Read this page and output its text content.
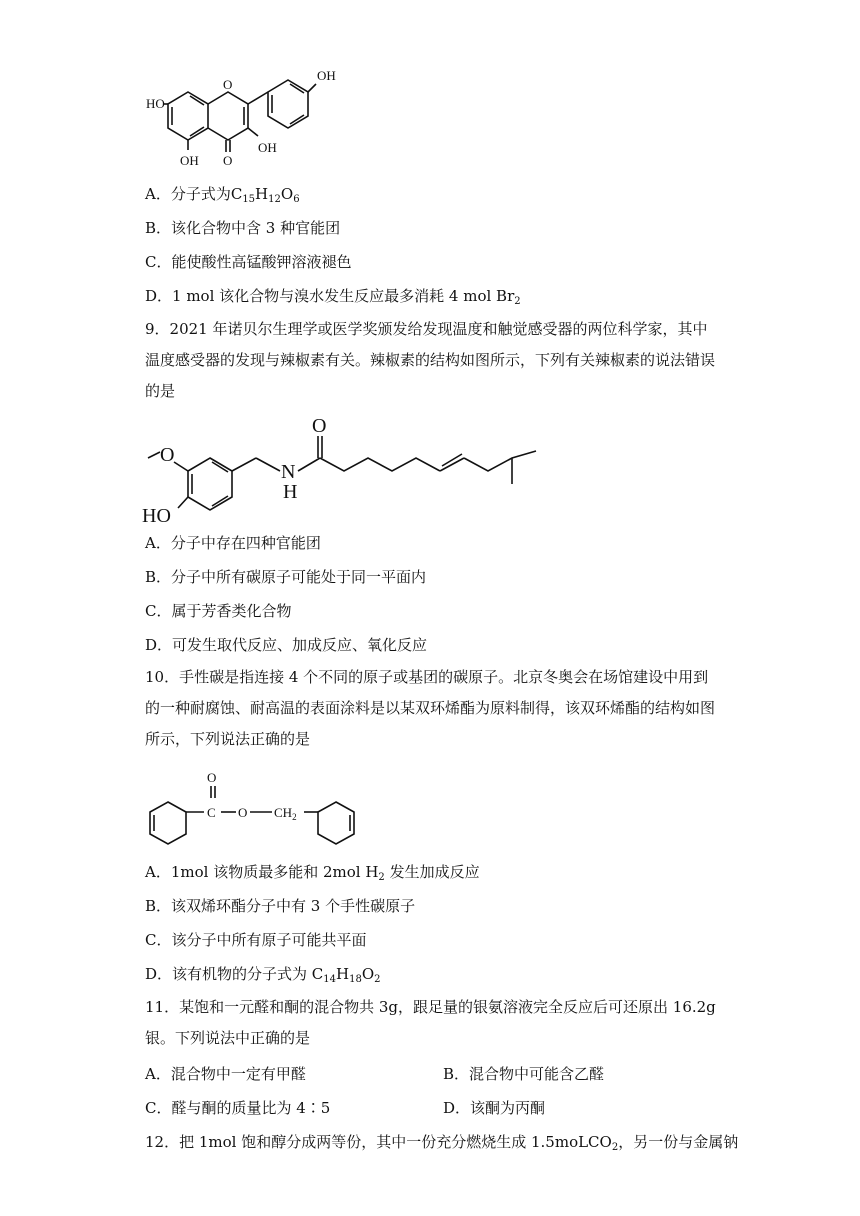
OH
HO
O
OH
O
OH
A．分子式为$C_{15}H_{12}O_6$
B．该化合物中含 3 种官能团
C．能使酸性高锰酸钾溶液褪色
D．1 mol 该化合物与溴水发生反应最多消耗 4 mol $Br_2$
9．2021 年诺贝尔生理学或医学奖颁发给发现温度和触觉感受器的两位科学家，其中温度感受器的发现与辣椒素有关。辣椒素的结构如图所示，下列有关辣椒素的说法错误的是
O
N
H
HO
O
A．分子中存在四种官能团
B．分子中所有碳原子可能处于同一平面内
C．属于芳香类化合物
D．可发生取代反应、加成反应、氧化反应
10．手性碳是指连接 4 个不同的原子或基团的碳原子。北京冬奥会在场馆建设中用到的一种耐腐蚀、耐高温的表面涂料是以某双环烯酯为原料制得，该双环烯酯的结构如图所示，下列说法正确的是
O
C O $CH_2$
A．1mol 该物质最多能和 2mol $H_2$ 发生加成反应
B．该双烯环酯分子中有 3 个手性碳原子
C．该分子中所有原子可能共平面
D．该有机物的分子式为 $C_{14}H_{18}O_2$
11．某饱和一元醛和酮的混合物共 3g，跟足量的银氨溶液完全反应后可还原出 16.2g 银。下列说法中正确的是
A．混合物中一定有甲醛	B．混合物中可能含乙醛
C．醛与酮的质量比为 4∶5	D．该酮为丙酮
12．把 1mol 饱和醇分成两等份，其中一份充分燃烧生成 1.5moLCO$_2$，另一份与金属钠
